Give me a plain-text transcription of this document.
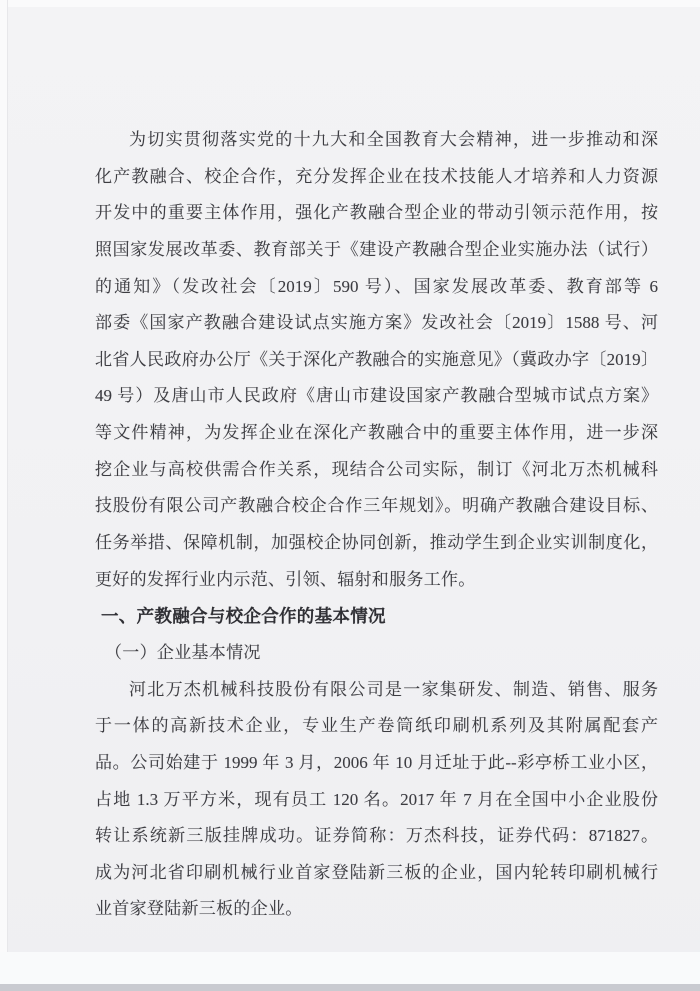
为切实贯彻落实党的十九大和全国教育大会精神，进一步推动和深
化产教融合、校企合作，充分发挥企业在技术技能人才培养和人力资源
开发中的重要主体作用，强化产教融合型企业的带动引领示范作用，按
照国家发展改革委、教育部关于《建设产教融合型企业实施办法（试行）
的通知》（发改社会〔2019〕590 号）、国家发展改革委、教育部等 6
部委《国家产教融合建设试点实施方案》发改社会〔2019〕1588 号、河
北省人民政府办公厅《关于深化产教融合的实施意见》（冀政办字〔2019〕
49 号）及唐山市人民政府《唐山市建设国家产教融合型城市试点方案》
等文件精神，为发挥企业在深化产教融合中的重要主体作用，进一步深
挖企业与高校供需合作关系，现结合公司实际，制订《河北万杰机械科
技股份有限公司产教融合校企合作三年规划》。明确产教融合建设目标、
任务举措、保障机制，加强校企协同创新，推动学生到企业实训制度化，
更好的发挥行业内示范、引领、辐射和服务工作。
一、产教融合与校企合作的基本情况
（一）企业基本情况
河北万杰机械科技股份有限公司是一家集研发、制造、销售、服务
于一体的高新技术企业，专业生产卷筒纸印刷机系列及其附属配套产
品。公司始建于 1999 年 3 月，2006 年 10 月迁址于此--彩亭桥工业小区，
占地 1.3 万平方米，现有员工 120 名。2017 年 7 月在全国中小企业股份
转让系统新三版挂牌成功。证券简称：万杰科技，证券代码：871827。
成为河北省印刷机械行业首家登陆新三板的企业，国内轮转印刷机械行
业首家登陆新三板的企业。
